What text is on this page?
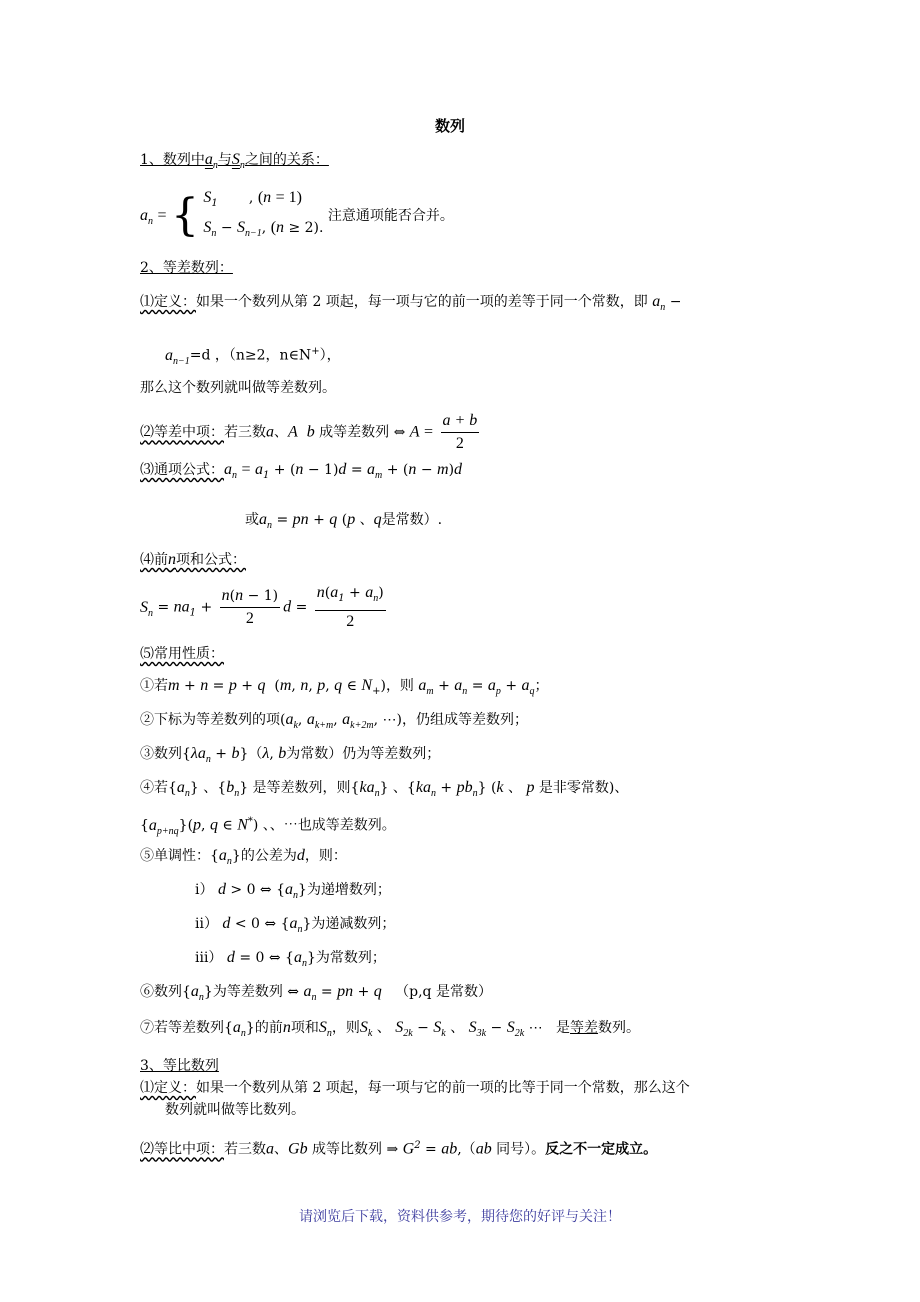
数列
1、数列中$a_n$与$S_n$之间的关系：
$a_n$ = { $S_1$       , (n = 1)
$S_n - S_{n-1}$, (n ≥ 2).
注意通项能否合并。
2、等差数列：
⑴定义：如果一个数列从第 2 项起，每一项与它的前一项的差等于同一个常数，即 $a_n$ −
$a_{n-1}=d$ ，（n≥2，n∈N+），
那么这个数列就叫做等差数列。
⑵等差中项：若三数a、A b 成等差数列 ⇔ $A = \frac{a + b}{2}$
⑶通项公式：$a_n = a_1 + (n - 1)d = a_m + (n - m)d$
或$a_n$ = pn + q (p 、q是常数）.
⑷前n项和公式：
$S_n = na_1 + \frac{n(n - 1)}{2}$ $d = \frac{n(a_1 + a_n)}{2}$
⑸常用性质：
①若m + n = p + q  (m, n, p, q ∈ $N_+$)，则 $a_m + a_n = a_p + a_q$；
②下标为等差数列的项($a_k$, $a_{k+m}$, $a_{k+2m}$, ⋯)，仍组成等差数列；
③数列$\{\lambda a_n + b\}(\lambda$, b为常数）仍为等差数列；
④若$\{a_n\}$ 、$\{b_n\}$ 是等差数列，则$\{ka_n\}$ 、$\{ka_n + pb_n\}$ (k 、 p 是非零常数)、
$\{a_{p+nq}\}(p$, q ∈ N*) 、、⋯也成等差数列。
⑤单调性：$\{a_n\}$的公差为d，则：
ⅰ） d > 0 ⇔ $\{a_n\}$为递增数列；
ⅱ） d < 0 ⇔ $\{a_n\}$为递减数列；
ⅲ） d = 0 ⇔ $\{a_n\}$为常数列；
⑥数列$\{a_n\}$为等差数列 ⇔ $a_n$ = pn + q （p,q 是常数）
⑦若等差数列$\{a_n\}$的前n项和$S_n$，则$S_k$ 、 $S_{2k} - S_k$ 、 $S_{3k} - S_{2k}$ ⋯   是等差数列。
3、等比数列
⑴定义：如果一个数列从第 2 项起，每一项与它的前一项的比等于同一个常数，那么这个
数列就叫做等比数列。
⑵等比中项：若三数a、Gb 成等比数列 ⇒ $G^2 = ab,(ab$ 同号）。反之不一定成立。
请浏览后下载，资料供参考，期待您的好评与关注！
